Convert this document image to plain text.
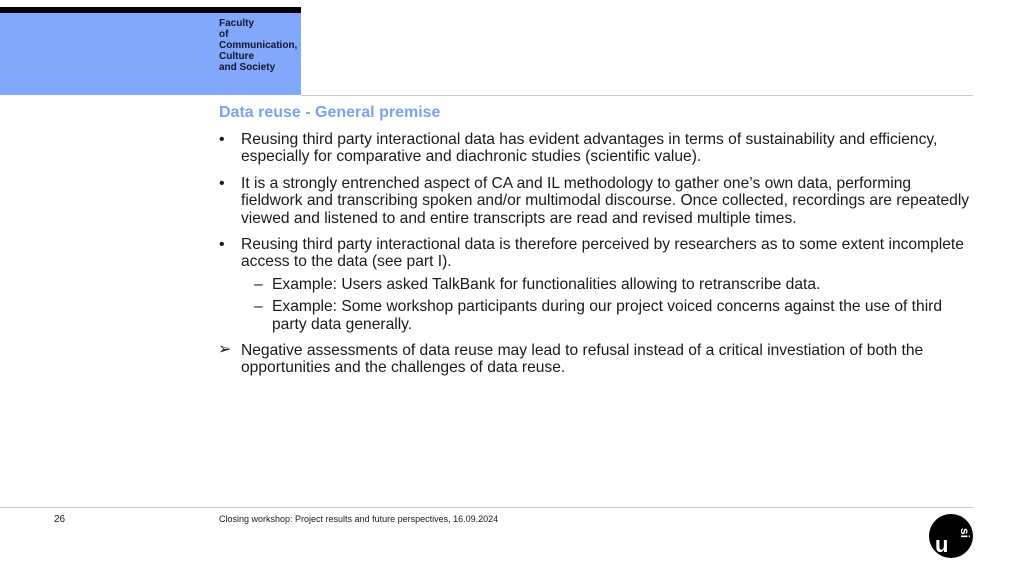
Faculty
of
Communication,
Culture
and Society
Data reuse - General premise
• Reusing third party interactional data has evident advantages in terms of sustainability and efficiency, especially for comparative and diachronic studies (scientific value).
• It is a strongly entrenched aspect of CA and IL methodology to gather one’s own data, performing fieldwork and transcribing spoken and/or multimodal discourse. Once collected, recordings are repeatedly viewed and listened to and entire transcripts are read and revised multiple times.
• Reusing third party interactional data is therefore perceived by researchers as to some extent incomplete access to the data (see part I).
– Example: Users asked TalkBank for functionalities allowing to retranscribe data.
– Example: Some workshop participants during our project voiced concerns against the use of third party data generally.
➢ Negative assessments of data reuse may lead to refusal instead of a critical investiation of both the opportunities and the challenges of data reuse.
26	Closing workshop: Project results and future perspectives, 16.09.2024
u si
